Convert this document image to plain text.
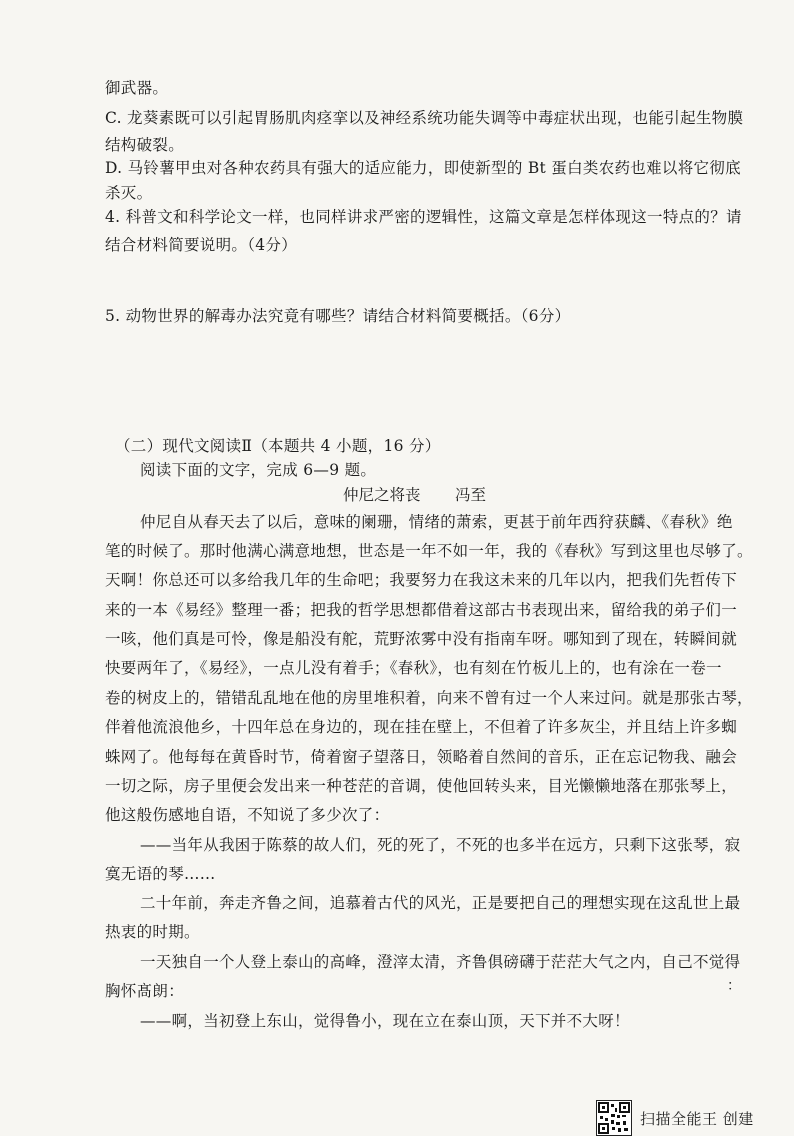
御武器。
C. 龙葵素既可以引起胃肠肌肉痉挛以及神经系统功能失调等中毒症状出现，也能引起生物膜
结构破裂。
D. 马铃薯甲虫对各种农药具有强大的适应能力，即使新型的 Bt 蛋白类农药也难以将它彻底
杀灭。
4. 科普文和科学论文一样，也同样讲求严密的逻辑性，这篇文章是怎样体现这一特点的？请
结合材料简要说明。（4分）
5. 动物世界的解毒办法究竟有哪些？请结合材料简要概括。（6分）
（二）现代文阅读Ⅱ（本题共 4 小题，16 分）
阅读下面的文字，完成 6—9 题。
仲尼之将丧 冯至
仲尼自从春天去了以后，意味的阑珊，情绪的萧索，更甚于前年西狩获麟、《春秋》绝
笔的时候了。那时他满心满意地想，世态是一年不如一年，我的《春秋》写到这里也尽够了。
天啊！你总还可以多给我几年的生命吧；我要努力在我这未来的几年以内，把我们先哲传下
来的一本《易经》整理一番；把我的哲学思想都借着这部古书表现出来，留给我的弟子们一
一咳，他们真是可怜，像是船没有舵，荒野浓雾中没有指南车呀。哪知到了现在，转瞬间就
快要两年了，《易经》，一点儿没有着手；《春秋》，也有刻在竹板儿上的，也有涂在一卷一
卷的树皮上的，错错乱乱地在他的房里堆积着，向来不曾有过一个人来过问。就是那张古琴，
伴着他流浪他乡，十四年总在身边的，现在挂在壁上，不但着了许多灰尘，并且结上许多蜘
蛛网了。他每每在黄昏时节，倚着窗子望落日，领略着自然间的音乐，正在忘记物我、融会
一切之际，房子里便会发出来一种苍茫的音调，使他回转头来，目光懒懒地落在那张琴上，
他这般伤感地自语，不知说了多少次了：
——当年从我困于陈蔡的故人们，死的死了，不死的也多半在远方，只剩下这张琴，寂
寞无语的琴……
二十年前，奔走齐鲁之间，追慕着古代的风光，正是要把自己的理想实现在这乱世上最
热衷的时期。
一天独自一个人登上泰山的高峰，澄滓太清，齐鲁俱磅礴于茫茫大气之内，自己不觉得
胸怀髙朗：
——啊，当初登上东山，觉得鲁小，现在立在泰山顶，天下并不大呀！
：
扫描全能王 创建
